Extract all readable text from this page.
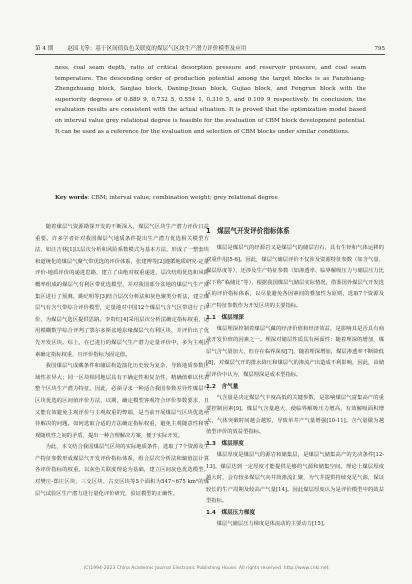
第 4 期	赵国飞等：基于区间值负色关联度的煤层气区块生产潜力评价模型及应用	795
ness, coal seam depth, ratio of critical desorption pressure and reservoir pressure, and coal seam temperature. The descending order of production potential among the target blocks is as Fanzhuang-Zhengzhuang block, Sanjiao block, Daning-Jixian block, Gujiao block, and Fengrun block with the superiority degrees of 0.889 9, 0.732 5, 0.554 1, 0.310 5, and 0.109 9 respectively. In conclusion, the evaluation results are consistent with the actual situation. It is proved that the optimization model based on interval value grey relational degree is feasible for the evaluation of CBM block development potential. It can be used as a reference for the evaluation and selection of CBM blocks under similar conditions.
Key words: CBM; interval value; combination weight; grey relational degree

随着煤层气资源勘探开发的不断深入，煤层气区块生产潜力评价日益重要。许多学者针对我国煤层气地质条件提出生产潜力优选相关模型方法，如汪吉林[1]以层次分析和风险系数模式为基本方法，形成了一整套块和道统化的煤层气聚气带优选的评价体系，张建博等[2]遵循地质研究-定量评价-地质评价的递进思路，建立了由绝对权重递进、层次结构优选和风险概率组成的煤层气有利区带优选模型，并对我国部分盆地的煤层气生产富集区进行了预测。姚纪明等[3]结合层次分析法和灰色聚类分析法，建立煤层气有含气带综合评价模型，定量地对中国12个煤层气含气区带进行了评价，为煤层气选区提供思路。李贵红[4]采用层次分析法确定指标权重，运用模糊数学综合评判了鄂尔多斯盆地东缘煤层气有利区块，并评价出了优先开发区块。综上，在已进行的煤层气生产潜力定量评价中，多为主观因素确定指标权重，且评价指标为固定值。

我国煤层气成藏条件和储层构造演化历史较为复杂，导致地质参数区域性差异大；同一区块相同地层具有不确定性和复杂性，精确值难以代表整个区块生产潜力特征。因此，必须寻求一种适合我国参数差异性煤层气区块优选的区间值评价方法，以期，确定模型客观符合评价参数要求，且又能有效避免主观评价与主观权重的弊端，是当前开展煤层气区块优选亟待解决的问题。如何选取合适的方法确定指标权重，避免主观随意性和客观随机性之间的矛盾，提出一种合理解决方案，便于实际开发。

为此，本文结合我国煤层气区块的实际地质条件，选取了7个资源及生产特征参数形成煤层气开发评价指标体系，组合层次分析法和熵值法计算各评价指标的权重，以灰色关联度理论为基础，建立区间灰色优选模型。对樊庄-郑庄区块、三交区块、古交区块等5个面积为547~675 km²的煤层气试验区生产潜力进行量化评价研究，验证模型的正确性。

1　煤层气开发评价指标体系

煤层是煤层气的经源岩又是煤层气的储层岩石，具有生烃和气体运移的双重作用[5-6]。因此，煤层气储层评价不仅涉及资源特征参数（如含气量、煤层厚度等），还涉及生产特征参数（如渗透率、临界解吸压力与储层压力比以下称“临储比”等），根据我国煤层气储层实际情况，借鉴国外煤层气开发选区的评价指标体系，以尽量避免各因素间的叠加性为原则，选取7个资源及生产特征参数作为开发区块的主要指标。

1.1　煤层埋深

煤层埋深控制着煤层气藏的经济价值和经济效益，是影响其是否具有商业开发价值的因素之一。埋深对储层性质具有两面性：随着埋深的增加，煤层气含气量加大，但存在临界深度[7]，随着埋深增加，煤层渗透率不断降低[8]，对煤层气开的排水降压和煤层气的渗流产出造成不利影响，因此，由储层评价中认为，煤层埋深是成本型指标。

1.2　含气量

气含量是决定煤层气丰度高低的关键参数，是影响煤层气富集高产的重要控制因素[9]。煤层气含量越大，使临界解吸压力增高，有效解吸面积增大，气体突破时间越会越短，导致单井产气量增强[10-11]。含气量做为越值型评价的效益型指标。

1.3　煤层厚度

煤层厚度是煤层气的源岩和储集层，是煤层气储集高产的先决条件[12-13]。煤层达到一定厚度才能提供足够的气源和储集空间。理论上煤层厚度越大时，会有较多煤层气向井筒渗流汇聚，为气井提供持续充足气源，保证较长的生产周期及较高产气量[14]。因此煤层厚度认为是评价模型中的效益型指标。

1.4　煤层压力梯度

煤层气储层压力梯度是体流动的主要动力[15]。

(C)1994-2023 China Academic Journal Electronic Publishing House. All rights reserved. http://www.cnki.net
